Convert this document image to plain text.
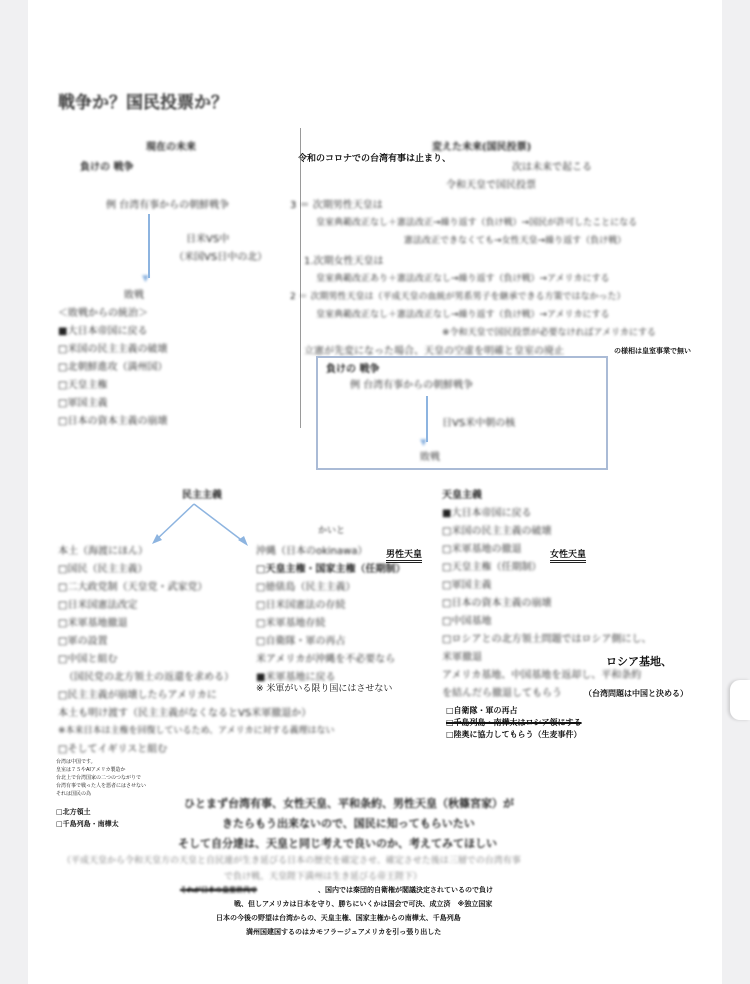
戦争か？国民投票か？
現在の未来
負けの 戦争
例 台湾有事からの朝鮮戦争
▼
日米VS中
（米国VS日中の北）
敗戦
＜敗戦からの統治＞
■大日本帝国に戻る
□米国の民主主義の破壊
□北朝鮮進攻（満州国）
□天皇主権
□軍国主義
□日本の資本主義の崩壊
変えた未来(国民投票)
令和のコロナでの台湾有事は止まり、
次は未来で起こる
令和天皇で国民投票
3 ＝ 次期男性天皇は
皇室典範改正なし＋憲法改正→繰り返す（負け戦）→国民が許可したことになる
憲法改正できなくても→女性天皇→繰り返す（負け戦）
1.次期女性天皇は
皇室典範改正あり＋憲法改正なし→繰り返す（負け戦）→アメリカにする
2 ＝ 次期男性天皇は（平成天皇の血統が男系男子を継承できる方策ではなかった）
皇室典範改正なし＋憲法改正なし→繰り返す（負け戦）→アメリカにする
※令和天皇で国民投票が必要なければアメリカにする
立憲が先変になった場合、天皇の空虚を明確と皇室の廃止	の様相は皇室事業で無い
負けの 戦争
例 台湾有事からの朝鮮戦争
▼
日VS米中朝の核
敗戦
民主主義
本土（海渡にほん）
□国民（民主主義）
□二大政党制（天皇党・武家党）
□日米国憲法改定
□米軍基地撤退
□軍の設置
□中国と組む
（国民党の北方領土の返還を求める）
□民主主義が崩壊したらアメリカに
本土も明け渡す（民主主義がなくなるとVS米軍撤退か）
※本来日本は主権を回復しているため、アメリカに対する義理はない
□そしてイギリスと組む
かいと
沖縄（日本のokinawa）
□天皇主権・国家主権（任期制）
□徳俵島（民主主義）
□日米国憲法の存続
□米軍基地存続
□自衛隊・軍の再占
米アメリカが沖縄を不必要なら
■米軍基地に戻る
男性天皇
※ 米軍がいる限り国にはさせない
天皇主義
■大日本帝国に戻る
□米国の民主主義の破壊
□米軍基地の撤退
□天皇主権（任期制）
□軍国主義
□日本の資本主義の崩壊
□中国基地
□ロシアとの北方領土問題ではロシア側にし、
米軍撤退
アメリカ基地、中国基地を返却し、平和条約
を結んだら撤退してもらう
女性天皇
ロシア基地、
（台湾問題は中国と決める）
□自衛隊・軍の再占
□千島列島・南樺太はロシア領にする
□陸奥に協力してもらう（生麦事件）
台湾は中国です。
皇室は７５やAIアメリカ製造か
台北上で台湾国家の二つのつながりで
台湾有事で戦った人を悪者にはさせない
それは国民の為
□北方領土
□千島列島・南樺太
ひとまず台湾有事、女性天皇、平和条約、男性天皇（秋篠宮家）が
きたらもう出来ないので、国民に知ってもらいたい
そして自分達は、天皇と同じ考えで良いのか、考えてみてほしい
（平成天皇から令和天皇方の天皇と自民連が生き延びる日本の歴史を確定させ、確定させた後は三層での台湾有事
で負け戦、天皇陛下満州は生き延びる帝王陛下）
それが日本の皇室世代で	、国内では秦団的自衛権が閣議決定されているので負け
戦、但しアメリカは日本を守り、勝ちにいくかは国会で可決、成立済　※独立国家
日本の今後の野望は台湾からの、天皇主権、国家主権からの南樺太、千島列島
満州国建国するのはカモフラージュアメリカを引っ張り出した
